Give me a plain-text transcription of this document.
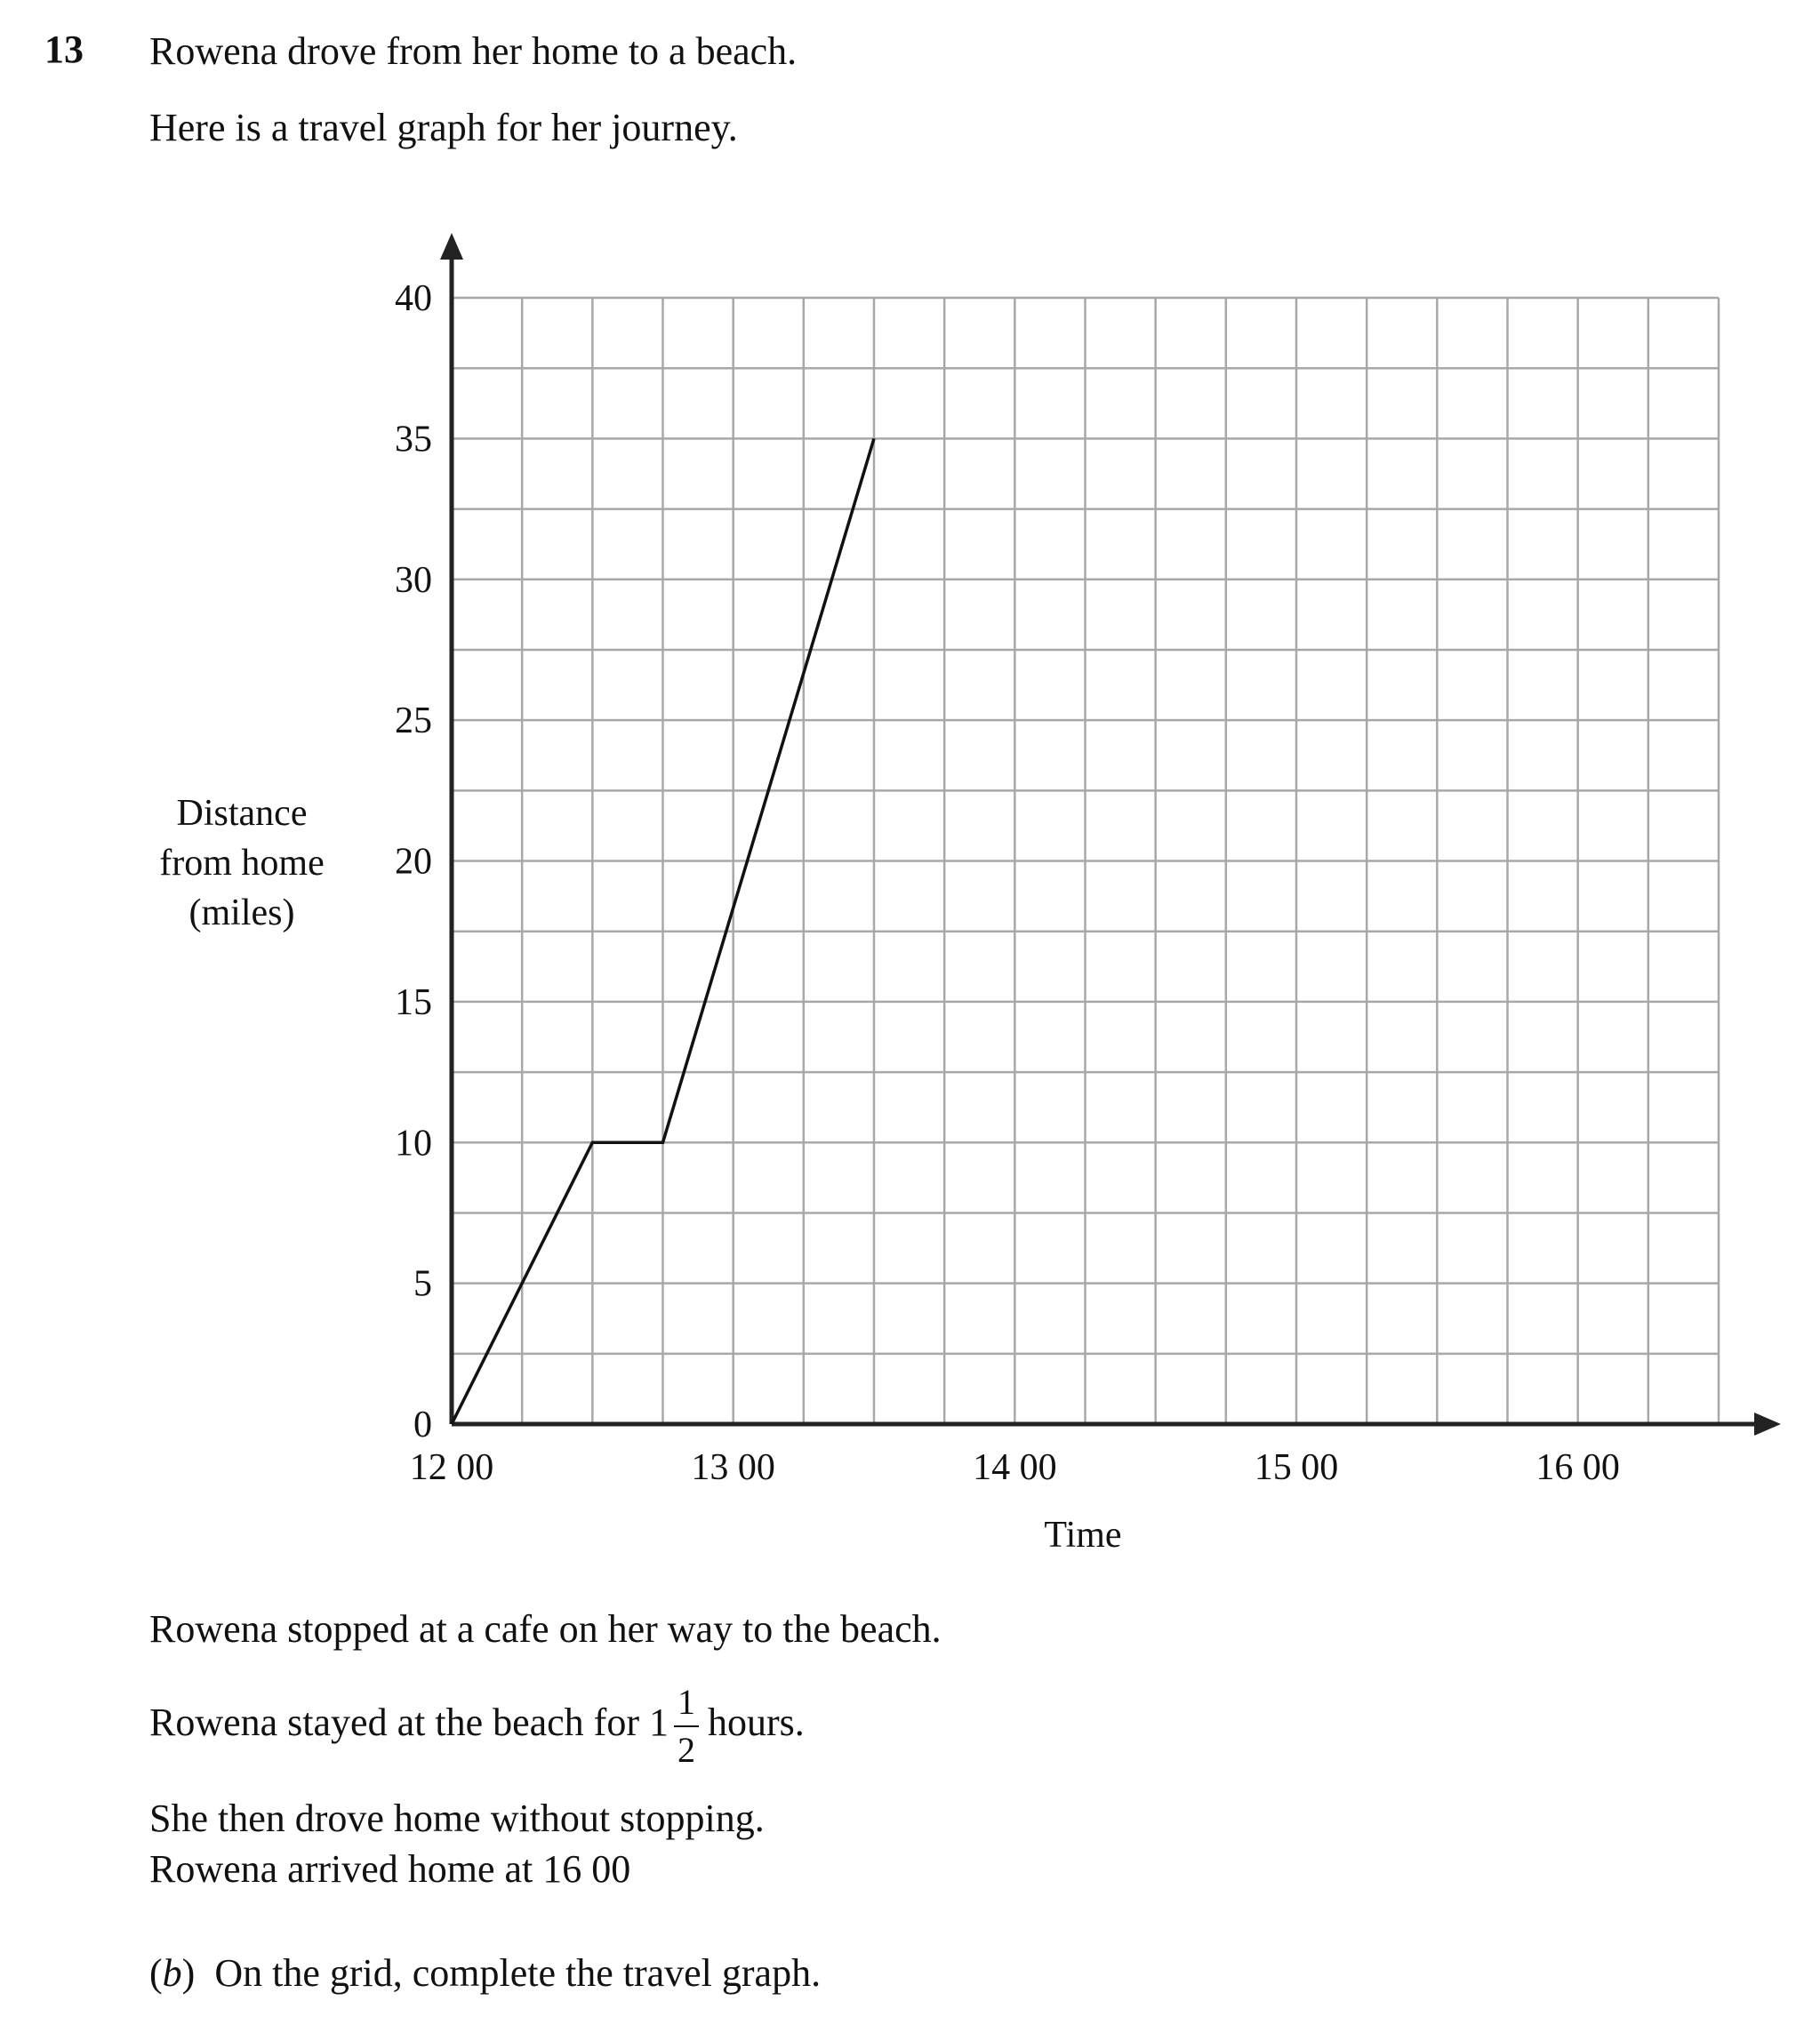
13 Rowena drove from her home to a beach.
Here is a travel graph for her journey.
0
5
10
15
20
25
30
35
40
12 00	13 00	14 00	15 00	16 00
Time
Distance
from home
(miles)
Rowena stopped at a cafe on her way to the beach.
Rowena stayed at the beach for $1 \frac{1}{2}$ hours.
She then drove home without stopping.
Rowena arrived home at 16 00
(b)  On the grid, complete the travel graph.
